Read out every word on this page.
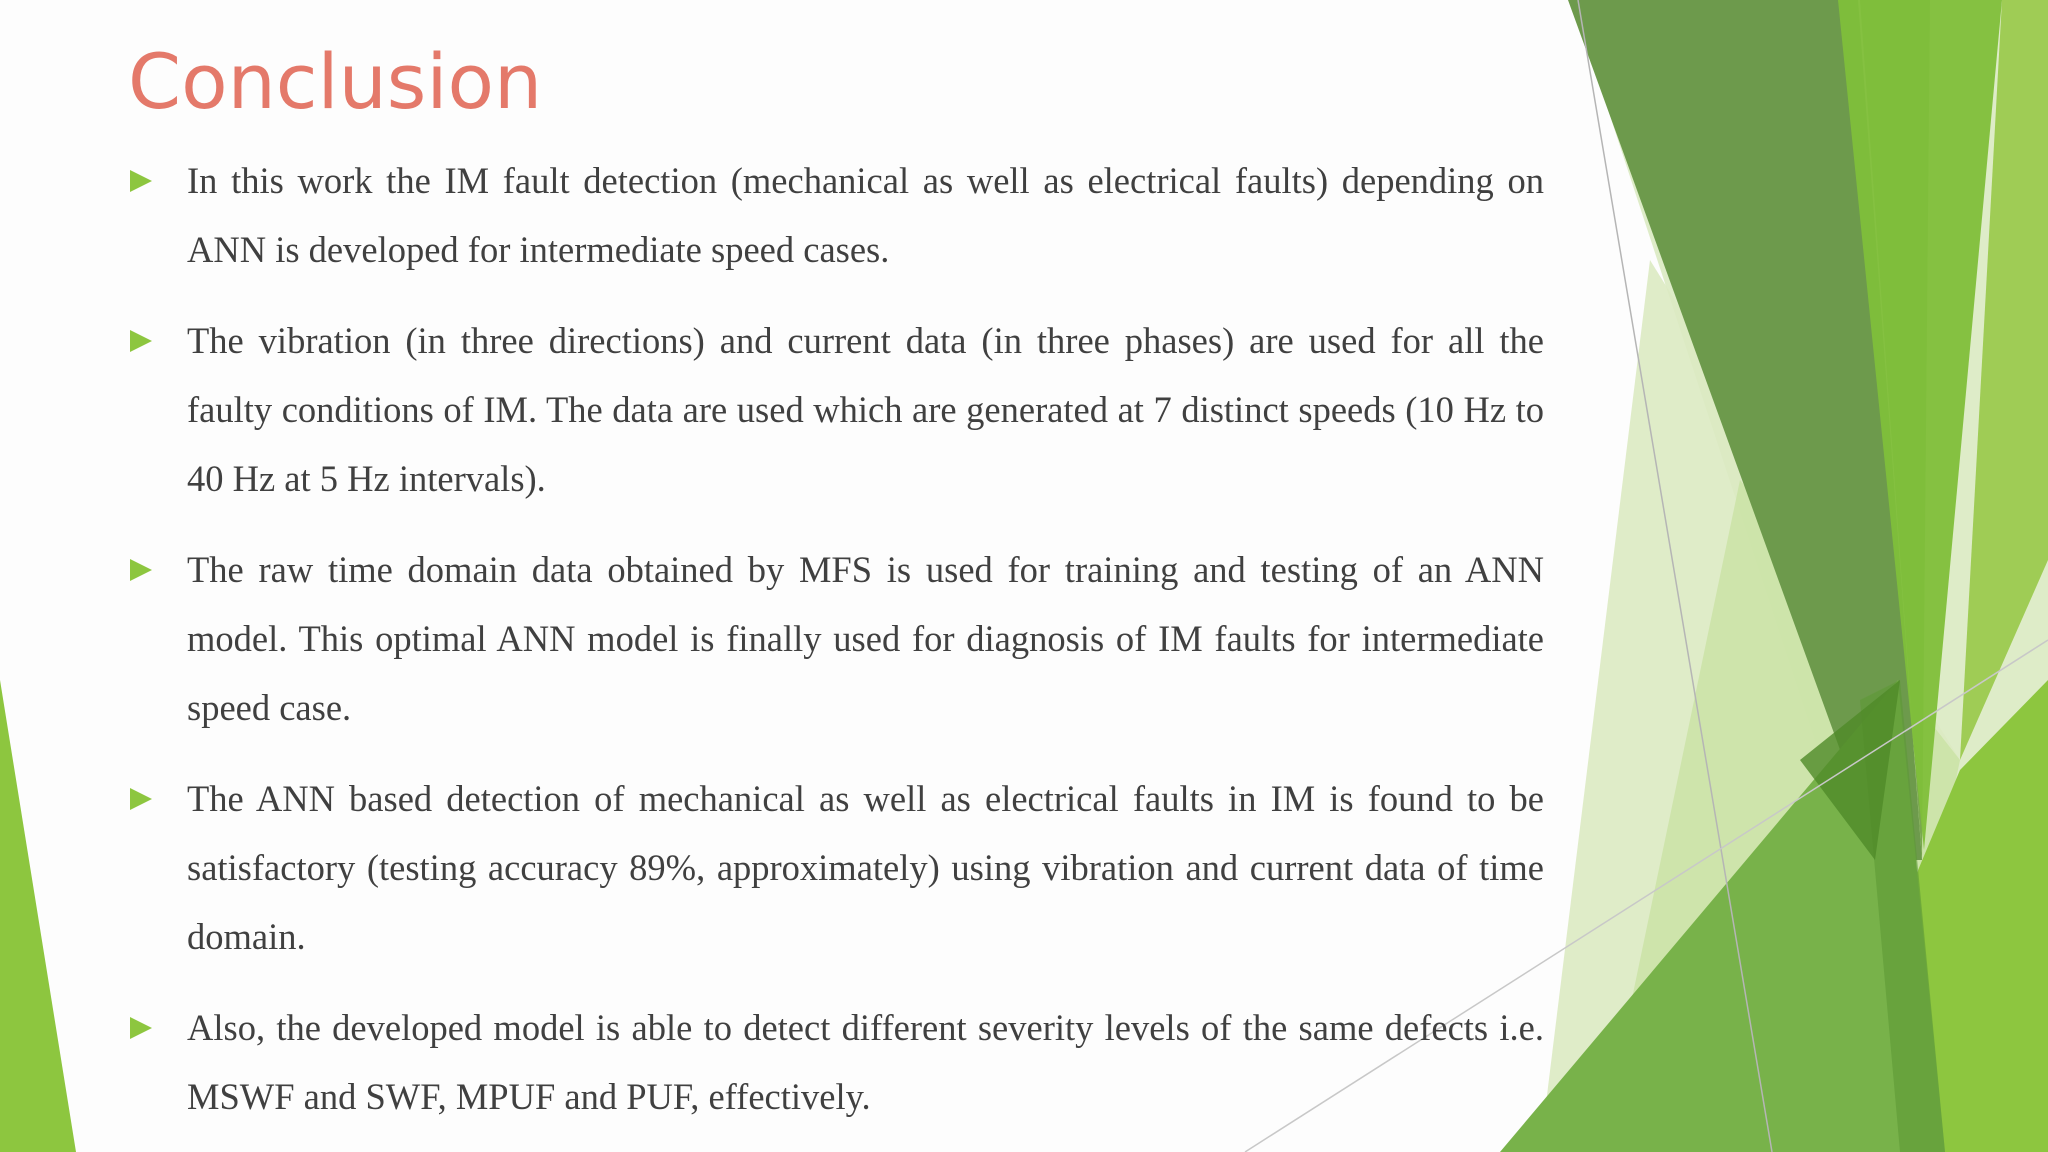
Conclusion
In this work the IM fault detection (mechanical as well as electrical faults) depending on ANN is developed for intermediate speed cases.
The vibration (in three directions) and current data (in three phases) are used for all the faulty conditions of IM. The data are used which are generated at 7 distinct speeds (10 Hz to 40 Hz at 5 Hz intervals).
The raw time domain data obtained by MFS is used for training and testing of an ANN model. This optimal ANN model is finally used for diagnosis of IM faults for intermediate speed case.
The ANN based detection of mechanical as well as electrical faults in IM is found to be satisfactory (testing accuracy 89%, approximately) using vibration and current data of time domain.
Also, the developed model is able to detect different severity levels of the same defects i.e. MSWF and SWF, MPUF and PUF, effectively.
